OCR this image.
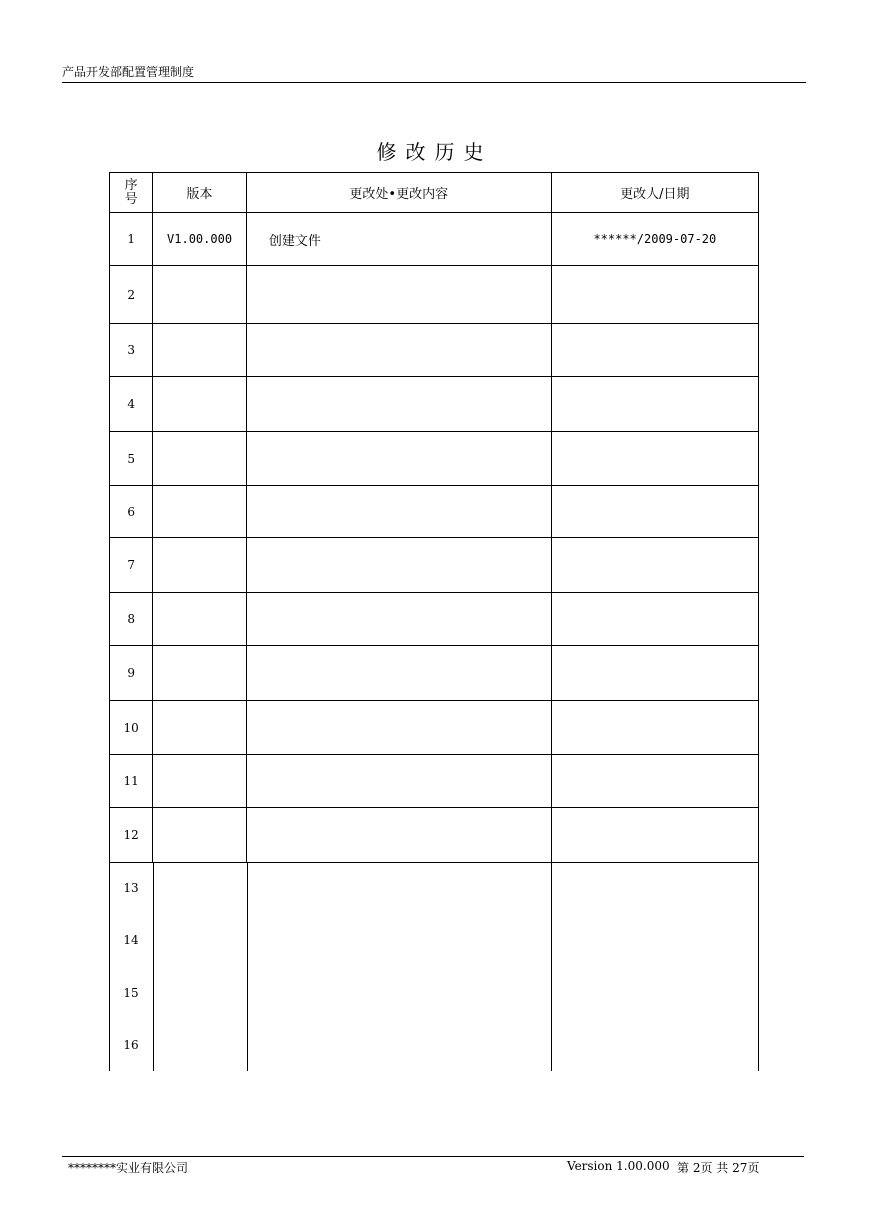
产品开发部配置管理制度
修改历史
序号	版本	更改处•更改内容	更改人/日期
1	V1.00.000	创建文件	******/2009-07-20
2			
3			
4			
5			
6			
7			
8			
9			
10			
11			
12			
13
14
15
16
********实业有限公司	Version 1.00.000 第 2页 共 27页
